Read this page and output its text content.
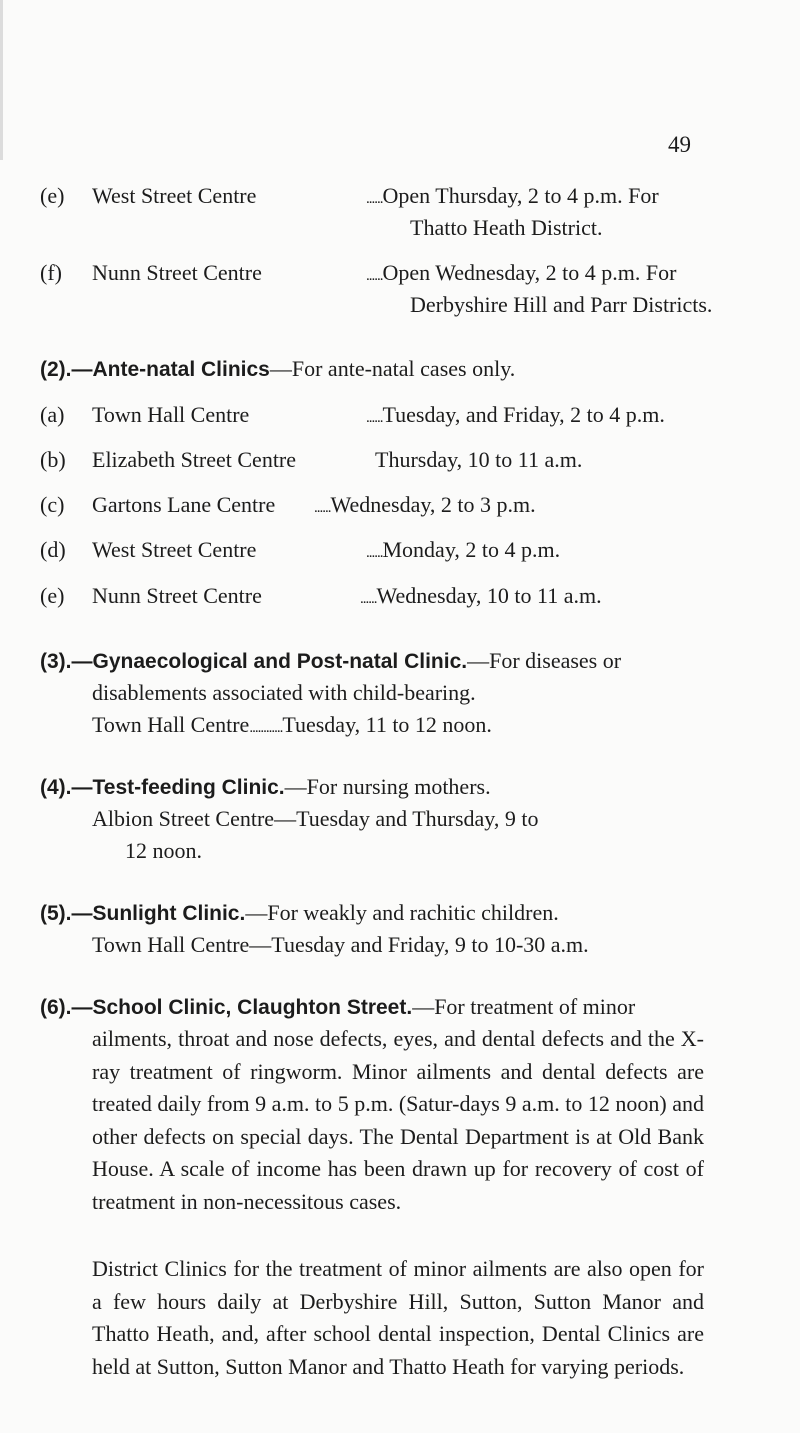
49
(e) West Street Centre	......Open Thursday, 2 to 4 p.m. For
Thatto Heath District.
(f) Nunn Street Centre	......Open Wednesday, 2 to 4 p.m. For
Derbyshire Hill and Parr Districts.
(2).—Ante-natal Clinics—For ante-natal cases only.
(a) Town Hall Centre	......Tuesday, and Friday, 2 to 4 p.m.
(b) Elizabeth Street Centre	Thursday, 10 to 11 a.m.
(c) Gartons Lane Centre	......Wednesday, 2 to 3 p.m.
(d) West Street Centre	......Monday, 2 to 4 p.m.
(e) Nunn Street Centre	......Wednesday, 10 to 11 a.m.
(3).—Gynaecological and Post-natal Clinic.—For diseases or
disablements associated with child-bearing.
Town Hall Centre............Tuesday, 11 to 12 noon.
(4).—Test-feeding Clinic.—For nursing mothers.
Albion Street Centre—Tuesday and Thursday, 9 to
12 noon.
(5).—Sunlight Clinic.—For weakly and rachitic children.
Town Hall Centre—Tuesday and Friday, 9 to 10-30 a.m.
(6).—School Clinic, Claughton Street.—For treatment of minor
ailments, throat and nose defects, eyes, and dental defects and the X-ray treatment of ringworm. Minor ailments and dental defects are treated daily from 9 a.m. to 5 p.m. (Satur-days 9 a.m. to 12 noon) and other defects on special days. The Dental Department is at Old Bank House. A scale of income has been drawn up for recovery of cost of treatment in non-necessitous cases.
District Clinics for the treatment of minor ailments are also open for a few hours daily at Derbyshire Hill, Sutton, Sutton Manor and Thatto Heath, and, after school dental inspection, Dental Clinics are held at Sutton, Sutton Manor and Thatto Heath for varying periods.
